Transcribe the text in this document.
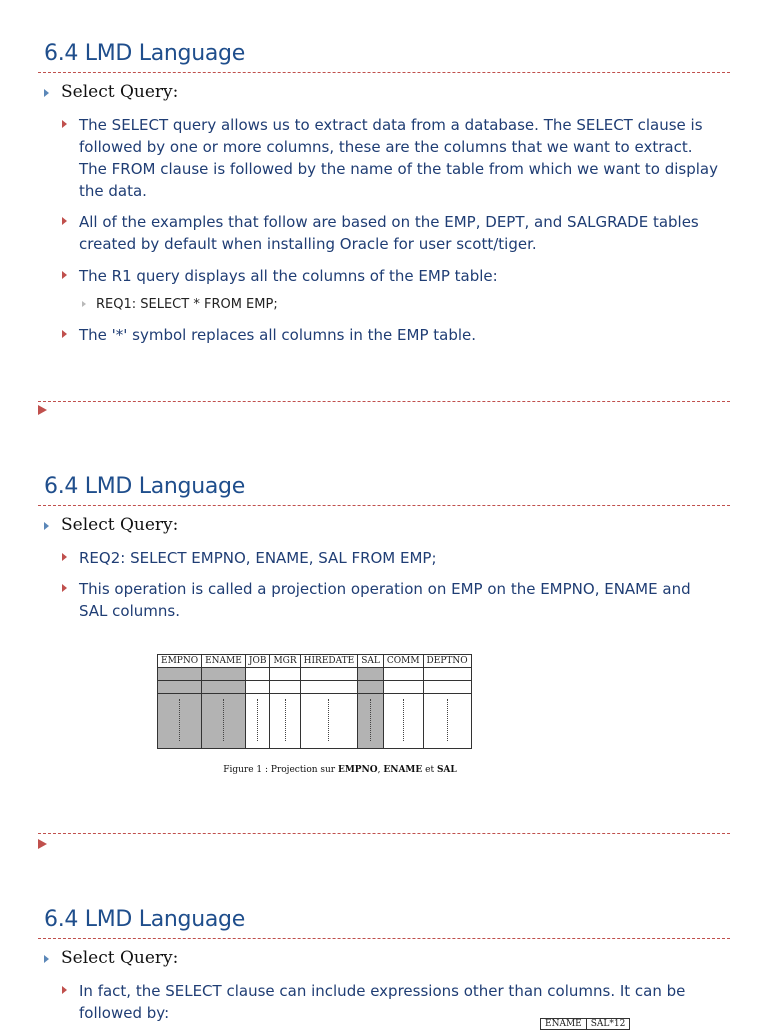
6.4 LMD Language
Select Query:
The SELECT query allows us to extract data from a database. The SELECT clause is followed by one or more columns, these are the columns that we want to extract. The FROM clause is followed by the name of the table from which we want to display the data.
All of the examples that follow are based on the EMP, DEPT, and SALGRADE tables created by default when installing Oracle for user scott/tiger.
The R1 query displays all the columns of the EMP table:
REQ1: SELECT * FROM EMP;
The '*' symbol replaces all columns in the EMP table.
6.4 LMD Language
Select Query:
REQ2: SELECT EMPNO, ENAME, SAL FROM EMP;
This operation is called a projection operation on EMP on the EMPNO, ENAME and SAL columns.
EMPNO	ENAME	JOB	MGR	HIREDATE	SAL	COMM	DEPTNO

Figure 1 : Projection sur EMPNO, ENAME et SAL
6.4 LMD Language
Select Query:
In fact, the SELECT clause can include expressions other than columns. It can be followed by:
ENAME	SAL*12
